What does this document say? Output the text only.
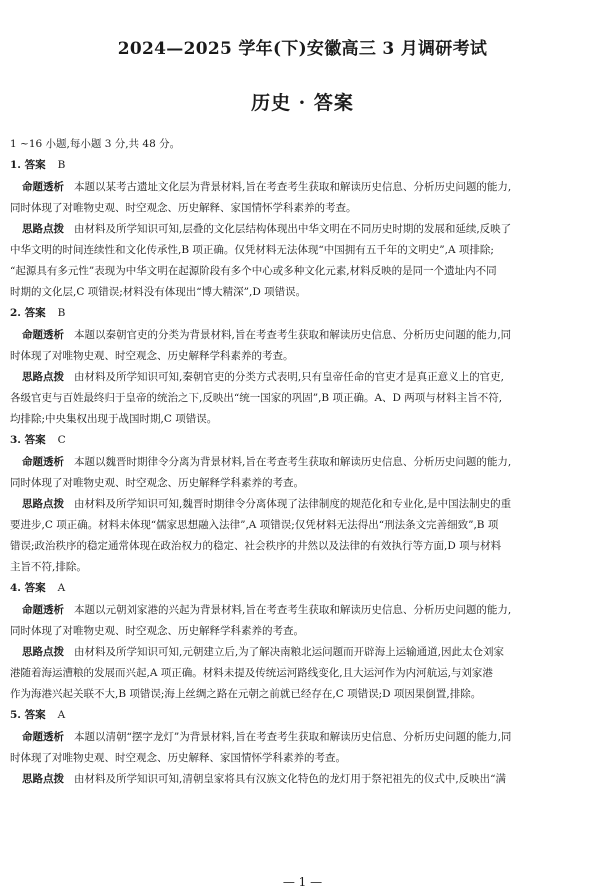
2024—2025 学年(下)安徽高三 3 月调研考试
历史 · 答案
1 ~16 小题,每小题 3 分,共 48 分。
1. 答案 B
命题透析 本题以某考古遗址文化层为背景材料,旨在考查考生获取和解读历史信息、分析历史问题的能力,
同时体现了对唯物史观、时空观念、历史解释、家国情怀学科素养的考查。
思路点拨 由材料及所学知识可知,层叠的文化层结构体现出中华文明在不同历史时期的发展和延续,反映了
中华文明的时间连续性和文化传承性,B 项正确。仅凭材料无法体现“中国拥有五千年的文明史”,A 项排除;
“起源具有多元性”表现为中华文明在起源阶段有多个中心或多种文化元素,材料反映的是同一个遗址内不同
时期的文化层,C 项错误;材料没有体现出“博大精深”,D 项错误。
2. 答案 B
命题透析 本题以秦朝官吏的分类为背景材料,旨在考查考生获取和解读历史信息、分析历史问题的能力,同
时体现了对唯物史观、时空观念、历史解释学科素养的考查。
思路点拨 由材料及所学知识可知,秦朝官吏的分类方式表明,只有皇帝任命的官吏才是真正意义上的官吏,
各级官吏与百姓最终归于皇帝的统治之下,反映出“统一国家的巩固”,B 项正确。A、D 两项与材料主旨不符,
均排除;中央集权出现于战国时期,C 项错误。
3. 答案 C
命题透析 本题以魏晋时期律令分离为背景材料,旨在考查考生获取和解读历史信息、分析历史问题的能力,
同时体现了对唯物史观、时空观念、历史解释学科素养的考查。
思路点拨 由材料及所学知识可知,魏晋时期律令分离体现了法律制度的规范化和专业化,是中国法制史的重
要进步,C 项正确。材料未体现“儒家思想融入法律”,A 项错误;仅凭材料无法得出“刑法条文完善细致”,B 项
错误;政治秩序的稳定通常体现在政治权力的稳定、社会秩序的井然以及法律的有效执行等方面,D 项与材料
主旨不符,排除。
4. 答案 A
命题透析 本题以元朝刘家港的兴起为背景材料,旨在考查考生获取和解读历史信息、分析历史问题的能力,
同时体现了对唯物史观、时空观念、历史解释学科素养的考查。
思路点拨 由材料及所学知识可知,元朝建立后,为了解决南粮北运问题而开辟海上运输通道,因此太仓刘家
港随着海运漕粮的发展而兴起,A 项正确。材料未提及传统运河路线变化,且大运河作为内河航运,与刘家港
作为海港兴起关联不大,B 项错误;海上丝绸之路在元朝之前就已经存在,C 项错误;D 项因果倒置,排除。
5. 答案 A
命题透析 本题以清朝“摆字龙灯”为背景材料,旨在考查考生获取和解读历史信息、分析历史问题的能力,同
时体现了对唯物史观、时空观念、历史解释、家国情怀学科素养的考查。
思路点拨 由材料及所学知识可知,清朝皇家将具有汉族文化特色的龙灯用于祭祀祖先的仪式中,反映出“满
— 1 —
